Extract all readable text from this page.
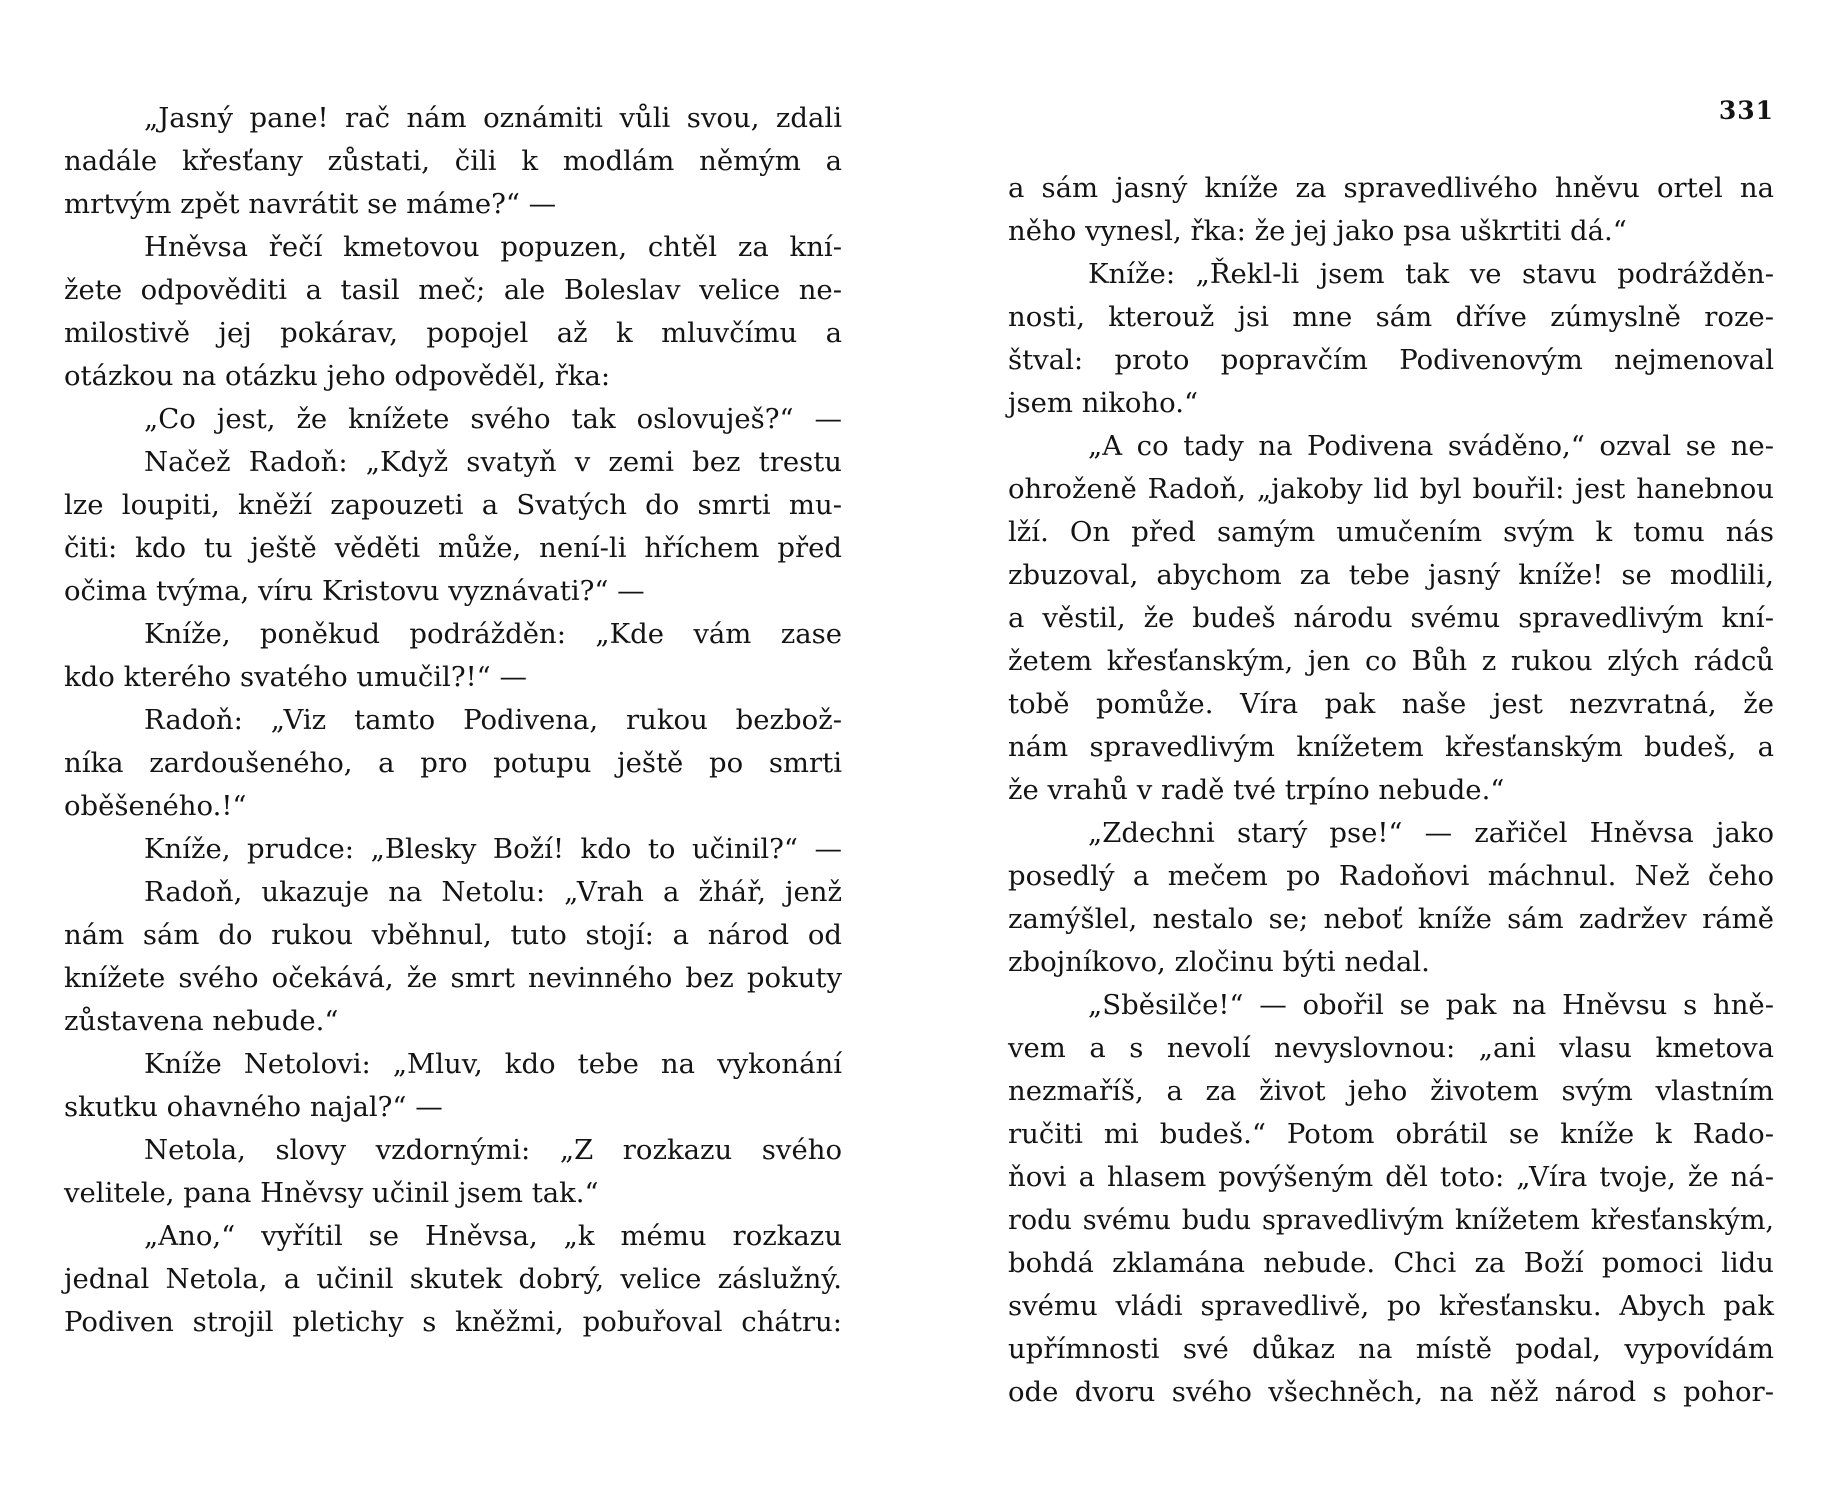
„Jasný pane! rač nám oznámiti vůli svou, zdali
nadále křesťany zůstati, čili k modlám němým a
mrtvým zpět navrátit se máme?“ —
Hněvsa řečí kmetovou popuzen, chtěl za kní-
žete odpověditi a tasil meč; ale Boleslav velice ne-
milostivě jej pokárav, popojel až k mluvčímu a
otázkou na otázku jeho odpověděl, řka:
„Co jest, že knížete svého tak oslovuješ?“ —
Načež Radoň: „Když svatyň v zemi bez trestu
lze loupiti, kněží zapouzeti a Svatých do smrti mu-
čiti: kdo tu ještě věděti může, není-li hříchem před
očima tvýma, víru Kristovu vyznávati?“ —
Kníže, poněkud podrážděn: „Kde vám zase
kdo kterého svatého umučil?!“ —
Radoň: „Viz tamto Podivena, rukou bezbož-
níka zardoušeného, a pro potupu ještě po smrti
oběšeného.!“
Kníže, prudce: „Blesky Boží! kdo to učinil?“ —
Radoň, ukazuje na Netolu: „Vrah a žhář, jenž
nám sám do rukou vběhnul, tuto stojí: a národ od
knížete svého očekává, že smrt nevinného bez pokuty
zůstavena nebude.“
Kníže Netolovi: „Mluv, kdo tebe na vykonání
skutku ohavného najal?“ —
Netola, slovy vzdornými: „Z rozkazu svého
velitele, pana Hněvsy učinil jsem tak.“
„Ano,“ vyřítil se Hněvsa, „k mému rozkazu
jednal Netola, a učinil skutek dobrý, velice záslužný.
Podiven strojil pletichy s kněžmi, pobuřoval chátru:
331
a sám jasný kníže za spravedlivého hněvu ortel na
něho vynesl, řka: že jej jako psa uškrtiti dá.“
Kníže: „Řekl-li jsem tak ve stavu podrážděn-
nosti, kterouž jsi mne sám dříve zúmyslně roze-
štval: proto popravčím Podivenovým nejmenoval
jsem nikoho.“
„A co tady na Podivena sváděno,“ ozval se ne-
ohroženě Radoň, „jakoby lid byl bouřil: jest hanebnou
lží. On před samým umučením svým k tomu nás
zbuzoval, abychom za tebe jasný kníže! se modlili,
a věstil, že budeš národu svému spravedlivým kní-
žetem křesťanským, jen co Bůh z rukou zlých rádců
tobě pomůže. Víra pak naše jest nezvratná, že
nám spravedlivým knížetem křesťanským budeš, a
že vrahů v radě tvé trpíno nebude.“
„Zdechni starý pse!“ — zařičel Hněvsa jako
posedlý a mečem po Radoňovi máchnul. Než čeho
zamýšlel, nestalo se; neboť kníže sám zadržev rámě
zbojníkovo, zločinu býti nedal.
„Sběsilče!“ — obořil se pak na Hněvsu s hně-
vem a s nevolí nevyslovnou: „ani vlasu kmetova
nezmaříš, a za život jeho životem svým vlastním
ručiti mi budeš.“ Potom obrátil se kníže k Rado-
ňovi a hlasem povýšeným děl toto: „Víra tvoje, že ná-
rodu svému budu spravedlivým knížetem křesťanským,
bohdá zklamána nebude. Chci za Boží pomoci lidu
svému vládi spravedlivě, po křesťansku. Abych pak
upřímnosti své důkaz na místě podal, vypovídám
ode dvoru svého všechněch, na něž národ s pohor-
